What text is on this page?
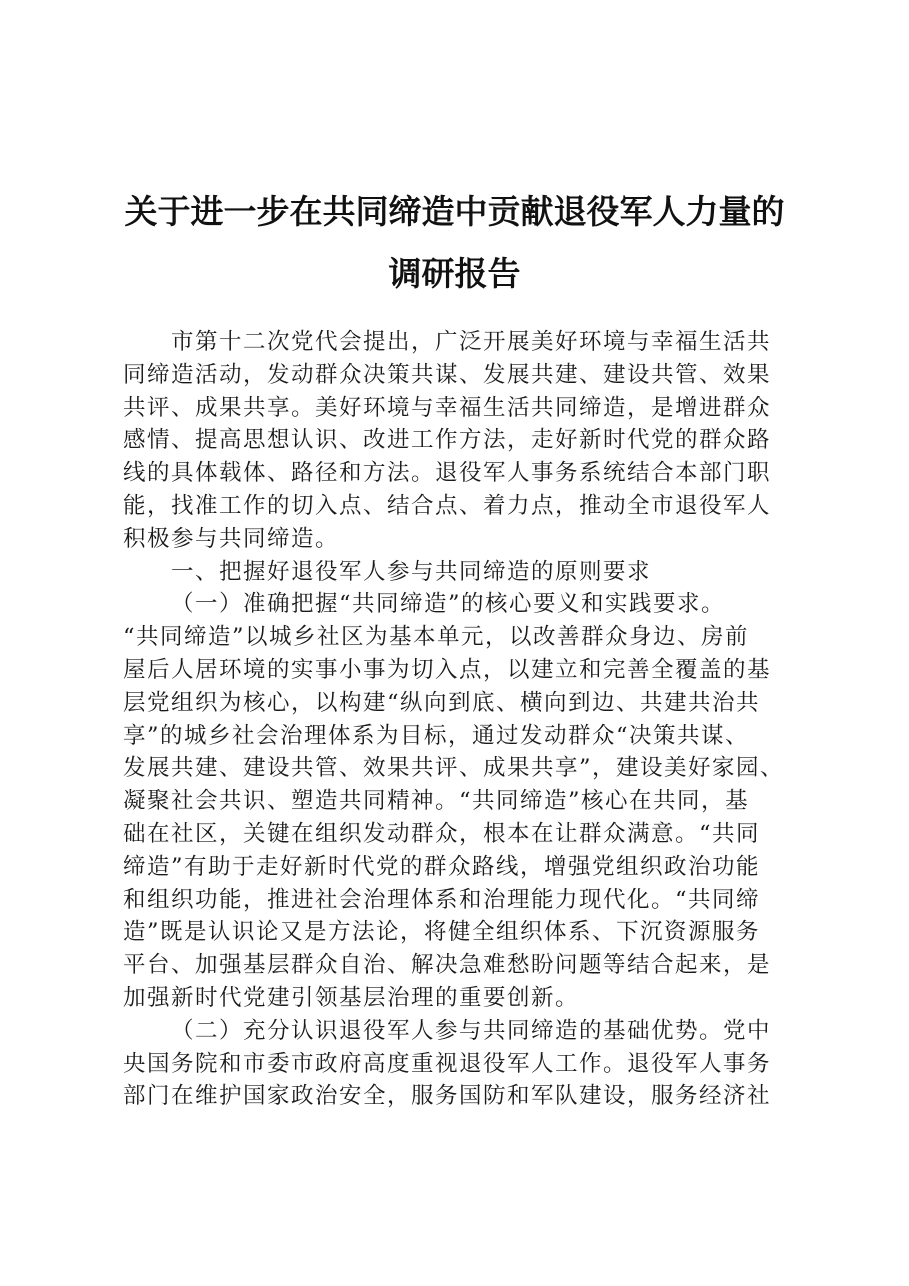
关于进一步在共同缔造中贡献退役军人力量的
调研报告
市第十二次党代会提出，广泛开展美好环境与幸福生活共
同缔造活动，发动群众决策共谋、发展共建、建设共管、效果
共评、成果共享。美好环境与幸福生活共同缔造，是增进群众
感情、提高思想认识、改进工作方法，走好新时代党的群众路
线的具体载体、路径和方法。退役军人事务系统结合本部门职
能，找准工作的切入点、结合点、着力点，推动全市退役军人
积极参与共同缔造。
一、把握好退役军人参与共同缔造的原则要求
（一）准确把握“共同缔造”的核心要义和实践要求。
“共同缔造”以城乡社区为基本单元，以改善群众身边、房前
屋后人居环境的实事小事为切入点，以建立和完善全覆盖的基
层党组织为核心，以构建“纵向到底、横向到边、共建共治共
享”的城乡社会治理体系为目标，通过发动群众“决策共谋、
发展共建、建设共管、效果共评、成果共享”，建设美好家园、
凝聚社会共识、塑造共同精神。“共同缔造”核心在共同，基
础在社区，关键在组织发动群众，根本在让群众满意。“共同
缔造”有助于走好新时代党的群众路线，增强党组织政治功能
和组织功能，推进社会治理体系和治理能力现代化。“共同缔
造”既是认识论又是方法论，将健全组织体系、下沉资源服务
平台、加强基层群众自治、解决急难愁盼问题等结合起来，是
加强新时代党建引领基层治理的重要创新。
（二）充分认识退役军人参与共同缔造的基础优势。党中
央国务院和市委市政府高度重视退役军人工作。退役军人事务
部门在维护国家政治安全，服务国防和军队建设，服务经济社
